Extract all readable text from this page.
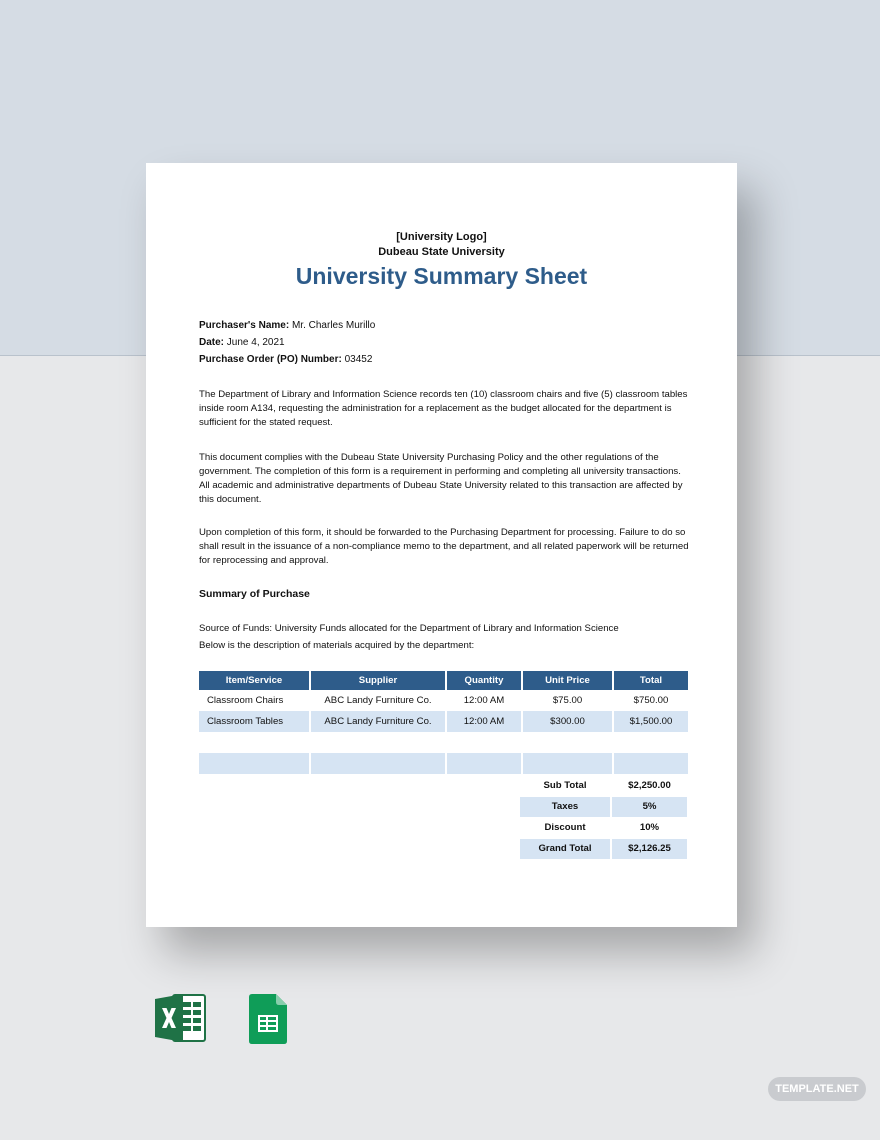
[University Logo]
Dubeau State University
University Summary Sheet
Purchaser's Name: Mr. Charles Murillo
Date: June 4, 2021
Purchase Order (PO) Number: 03452
The Department of Library and Information Science records ten (10) classroom chairs and five (5) classroom tables inside room A134, requesting the administration for a replacement as the budget allocated for the department is sufficient for the stated request.
This document complies with the Dubeau State University Purchasing Policy and the other regulations of the government. The completion of this form is a requirement in performing and completing all university transactions. All academic and administrative departments of Dubeau State University related to this transaction are affected by this document.
Upon completion of this form, it should be forwarded to the Purchasing Department for processing. Failure to do so shall result in the issuance of a non-compliance memo to the department, and all related paperwork will be returned for reprocessing and approval.
Summary of Purchase
Source of Funds: University Funds allocated for the Department of Library and Information Science
Below is the description of materials acquired by the department:
Item/Service	Supplier	Quantity	Unit Price	Total
Classroom Chairs	ABC Landy Furniture Co.	12:00 AM	$75.00	$750.00
Classroom Tables	ABC Landy Furniture Co.	12:00 AM	$300.00	$1,500.00

Sub Total	$2,250.00
Taxes	5%
Discount	10%
Grand Total	$2,126.25
TEMPLATE.NET
